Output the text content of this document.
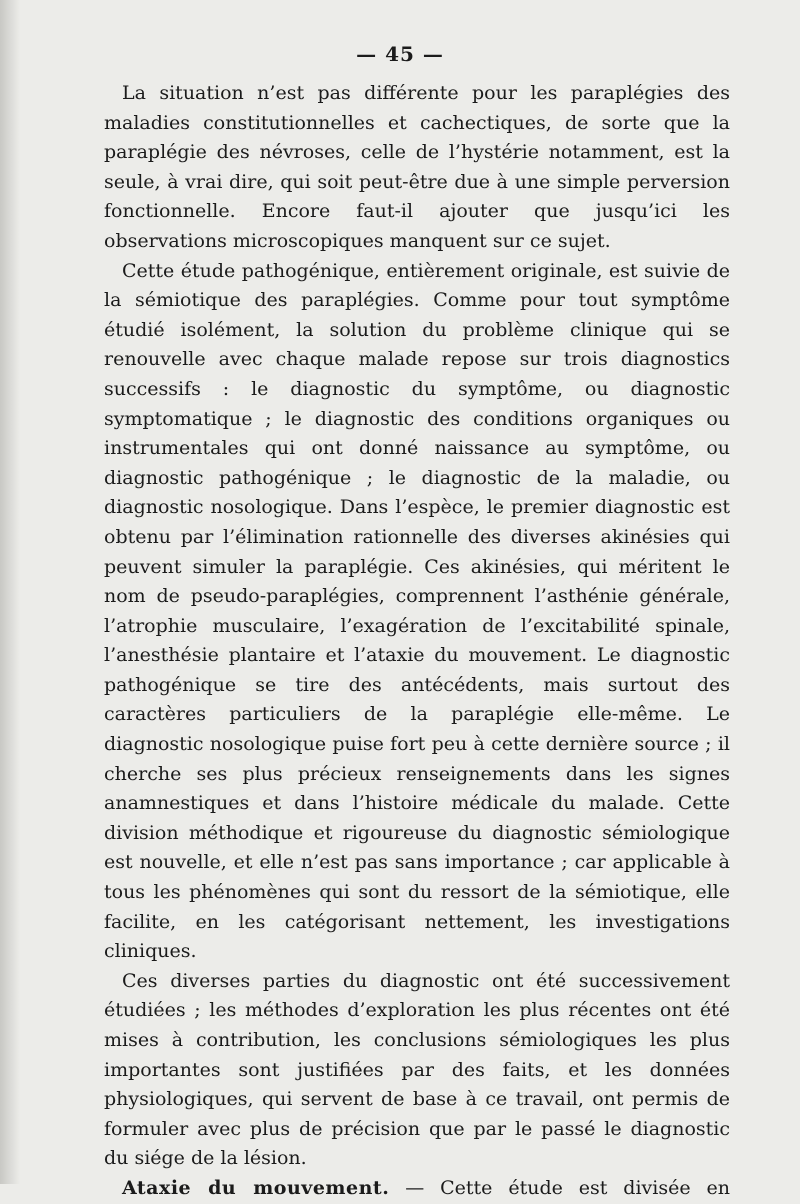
— 45 —

La situation n’est pas différente pour les paraplégies des maladies constitutionnelles et cachectiques, de sorte que la paraplégie des névroses, celle de l’hystérie notamment, est la seule, à vrai dire, qui soit peut-être due à une simple perversion fonctionnelle. Encore faut-il ajouter que jusqu’ici les observations microscopiques manquent sur ce sujet.

Cette étude pathogénique, entièrement originale, est suivie de la sémiotique des paraplégies. Comme pour tout symptôme étudié isolément, la solution du problème clinique qui se renouvelle avec chaque malade repose sur trois diagnostics successifs : le diagnostic du symptôme, ou diagnostic symptomatique ; le diagnostic des conditions organiques ou instrumentales qui ont donné naissance au symptôme, ou diagnostic pathogénique ; le diagnostic de la maladie, ou diagnostic nosologique. Dans l’espèce, le premier diagnostic est obtenu par l’élimination rationnelle des diverses akinésies qui peuvent simuler la paraplégie. Ces akinésies, qui méritent le nom de pseudo-paraplégies, comprennent l’asthénie générale, l’atrophie musculaire, l’exagération de l’excitabilité spinale, l’anesthésie plantaire et l’ataxie du mouvement. Le diagnostic pathogénique se tire des antécédents, mais surtout des caractères particuliers de la paraplégie elle-même. Le diagnostic nosologique puise fort peu à cette dernière source ; il cherche ses plus précieux renseignements dans les signes anamnestiques et dans l’histoire médicale du malade. Cette division méthodique et rigoureuse du diagnostic sémiologique est nouvelle, et elle n’est pas sans importance ; car applicable à tous les phénomènes qui sont du ressort de la sémiotique, elle facilite, en les catégorisant nettement, les investigations cliniques.

Ces diverses parties du diagnostic ont été successivement étudiées ; les méthodes d’exploration les plus récentes ont été mises à contribution, les conclusions sémiologiques les plus importantes sont justifiées par des faits, et les données physiologiques, qui servent de base à ce travail, ont permis de formuler avec plus de précision que par le passé le diagnostic du siége de la lésion.

Ataxie du mouvement. — Cette étude est divisée en
